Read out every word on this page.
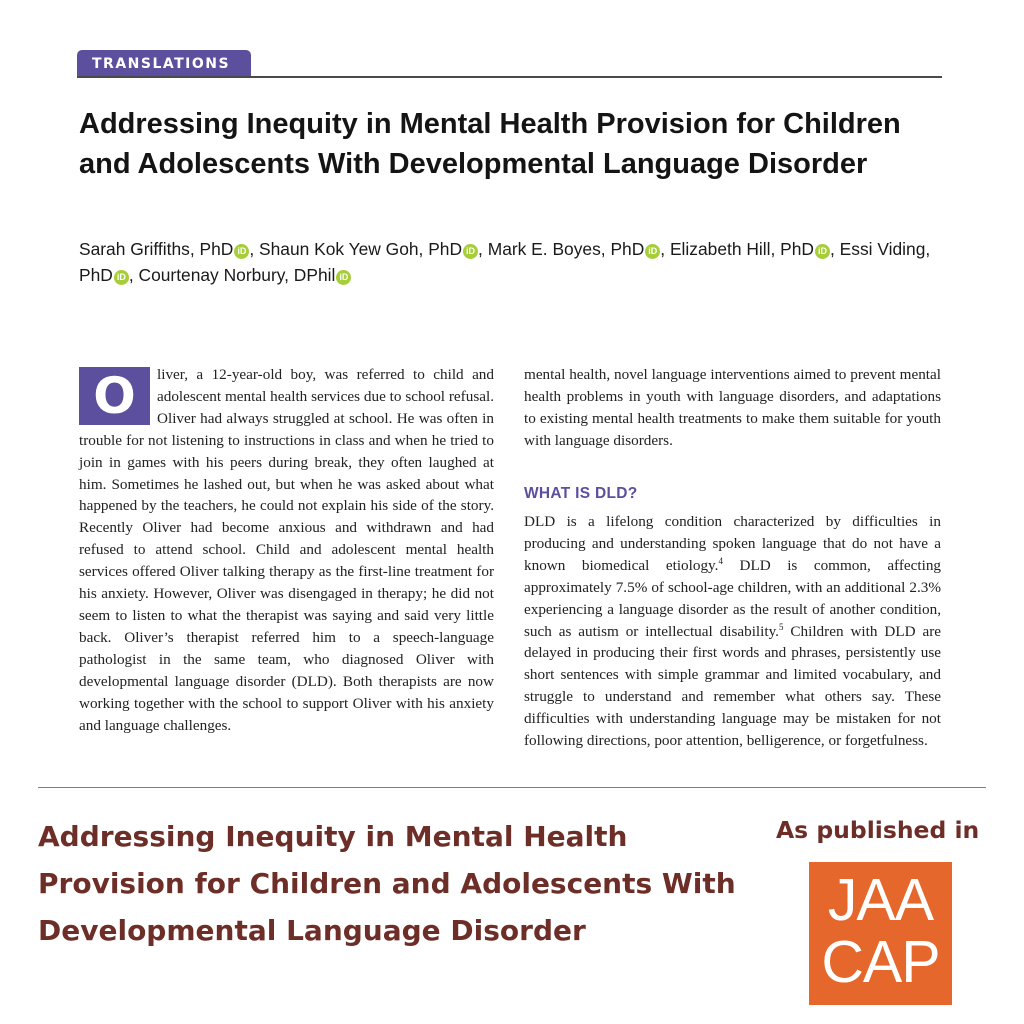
TRANSLATIONS
Addressing Inequity in Mental Health Provision for Children and Adolescents With Developmental Language Disorder

Sarah Griffiths, PhD iD , Shaun Kok Yew Goh, PhD iD , Mark E. Boyes, PhD iD , Elizabeth Hill, PhD iD , Essi Viding, PhD iD , Courtenay Norbury, DPhil iD

O	liver, a 12-year-old boy, was referred to child and adolescent mental health services due to school refusal. Oliver had always struggled at school. He was often in trouble for not listening to instructions in class and when he tried to join in games with his peers during break, they often laughed at him. Sometimes he lashed out, but when he was asked about what happened by the teachers, he could not explain his side of the story. Recently Oliver had become anxious and withdrawn and had refused to attend school. Child and adolescent mental health services offered Oliver talking therapy as the first-line treatment for his anxiety. However, Oliver was disengaged in therapy; he did not seem to listen to what the therapist was saying and said very little back. Oliver’s therapist referred him to a speech-language pathologist in the same team, who diagnosed Oliver with developmental language disorder (DLD). Both therapists are now working together with the school to support Oliver with his anxiety and language challenges.

mental health, novel language interventions aimed to prevent mental health problems in youth with language disorders, and adaptations to existing mental health treatments to make them suitable for youth with language disorders.

WHAT IS DLD?

DLD is a lifelong condition characterized by difficulties in producing and understanding spoken language that do not have a known biomedical etiology.$^4$ DLD is common, affecting approximately 7.5% of school-age children, with an additional 2.3% experiencing a language disorder as the result of another condition, such as autism or intellectual disability.$^5$ Children with DLD are delayed in producing their first words and phrases, persistently use short sentences with simple grammar and limited vocabulary, and struggle to understand and remember what others say. These difficulties with understanding language may be mistaken for not following directions, poor attention, belligerence, or forgetfulness.

Addressing Inequity in Mental Health Provision for Children and Adolescents With Developmental Language Disorder

As published in

JAA
CAP
